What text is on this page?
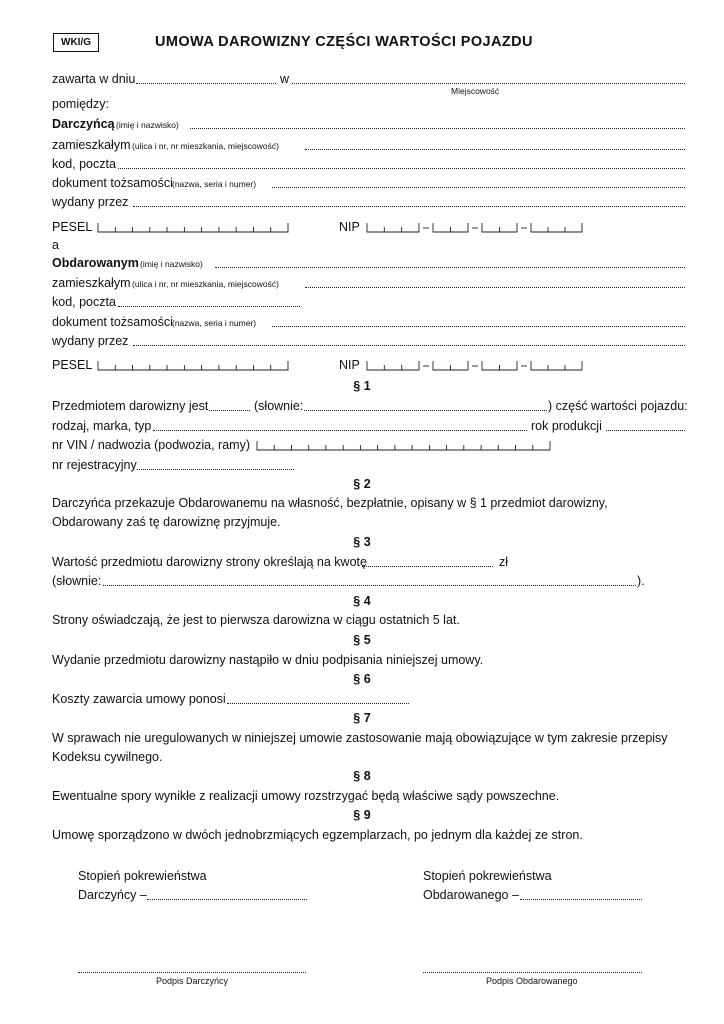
WKI/G	UMOWA DAROWIZNY CZĘŚCI WARTOŚCI POJAZDU
zawarta w dniu	w
Miejscowość
pomiędzy:
Darczyńcą (imię i nazwisko)
zamieszkałym (ulica i nr, nr mieszkania, miejscowość)
kod, poczta
dokument tożsamości (nazwa, seria i numer)
wydany przez
PESEL	NIP
a
Obdarowanym (imię i nazwisko)
zamieszkałym (ulica i nr, nr mieszkania, miejscowość)
kod, poczta
dokument tożsamości (nazwa, seria i numer)
wydany przez
PESEL	NIP
§ 1
Przedmiotem darowizny jest	(słownie:	) część wartości pojazdu:
rodzaj, marka, typ	rok produkcji
nr VIN / nadwozia (podwozia, ramy)
nr rejestracyjny
§ 2
Darczyńca przekazuje Obdarowanemu na własność, bezpłatnie, opisany w § 1 przedmiot darowizny,
Obdarowany zaś tę darowiznę przyjmuje.
§ 3
Wartość przedmiotu darowizny strony określają na kwotę	zł
(słownie:	).
§ 4
Strony oświadczają, że jest to pierwsza darowizna w ciągu ostatnich 5 lat.
§ 5
Wydanie przedmiotu darowizny nastąpiło w dniu podpisania niniejszej umowy.
§ 6
Koszty zawarcia umowy ponosi
§ 7
W sprawach nie uregulowanych w niniejszej umowie zastosowanie mają obowiązujące w tym zakresie przepisy
Kodeksu cywilnego.
§ 8
Ewentualne spory wynikłe z realizacji umowy rozstrzygać będą właściwe sądy powszechne.
§ 9
Umowę sporządzono w dwóch jednobrzmiących egzemplarzach, po jednym dla każdej ze stron.
Stopień pokrewieństwa
Darczyńcy –
Stopień pokrewieństwa
Obdarowanego –
Podpis Darczyńcy	Podpis Obdarowanego
